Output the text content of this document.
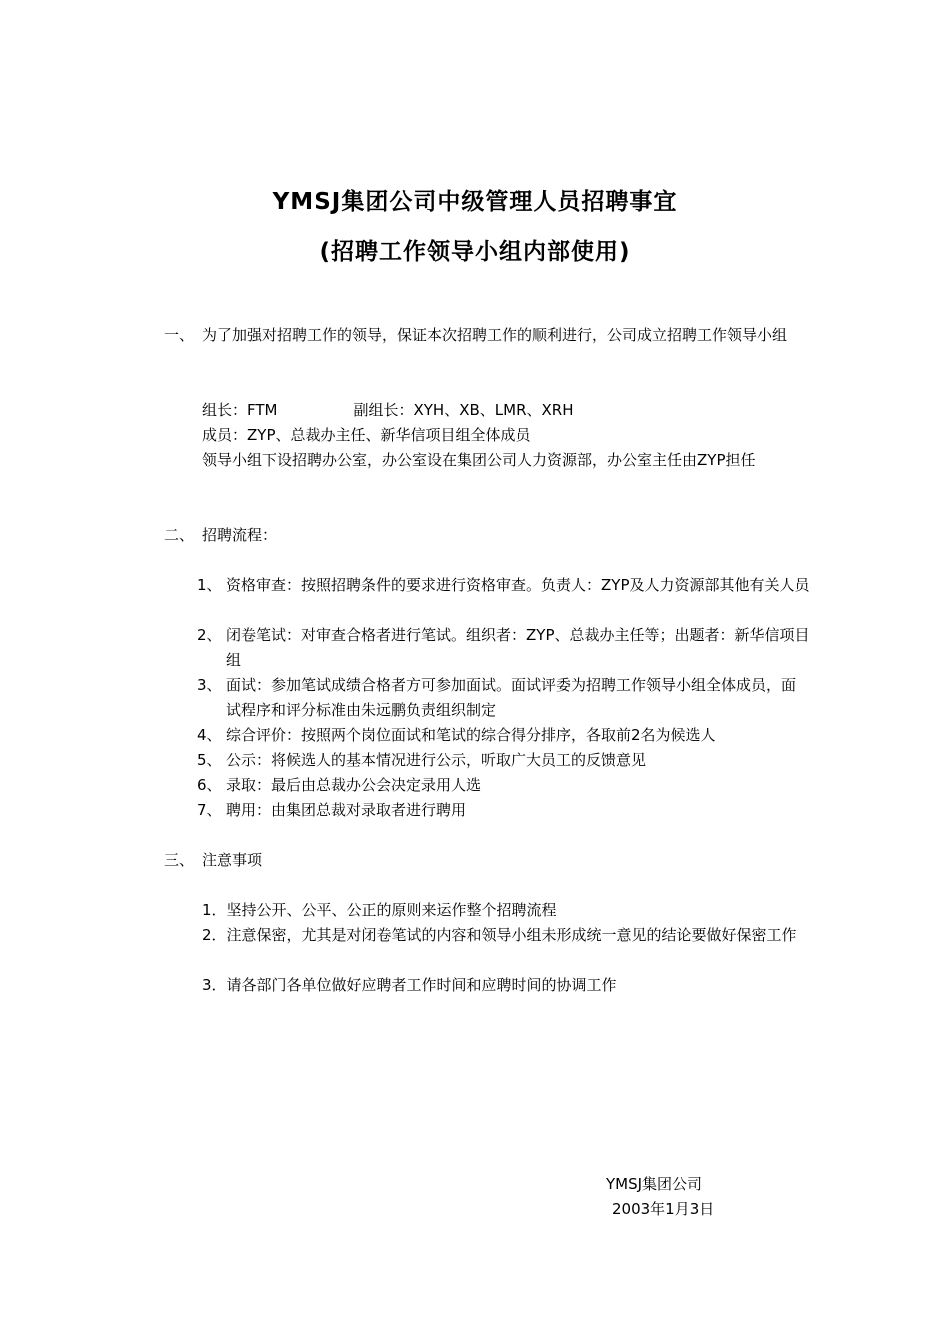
YMSJ集团公司中级管理人员招聘事宜
(招聘工作领导小组内部使用)
一、 为了加强对招聘工作的领导，保证本次招聘工作的顺利进行，公司成立招聘工作领导小组
组长：FTM	副组长：XYH、XB、LMR、XRH
成员：ZYP、总裁办主任、新华信项目组全体成员
领导小组下设招聘办公室，办公室设在集团公司人力资源部，办公室主任由ZYP担任
二、 招聘流程：
1、 资格审查：按照招聘条件的要求进行资格审查。负责人：ZYP及人力资源部其他有关人员
2、 闭卷笔试：对审查合格者进行笔试。组织者：ZYP、总裁办主任等；出题者：新华信项目组
3、 面试：参加笔试成绩合格者方可参加面试。面试评委为招聘工作领导小组全体成员，面试程序和评分标准由朱远鹏负责组织制定
4、 综合评价：按照两个岗位面试和笔试的综合得分排序，各取前2名为候选人
5、 公示：将候选人的基本情况进行公示，听取广大员工的反馈意见
6、 录取：最后由总裁办公会决定录用人选
7、 聘用：由集团总裁对录取者进行聘用
三、 注意事项
1．坚持公开、公平、公正的原则来运作整个招聘流程
2．注意保密，尤其是对闭卷笔试的内容和领导小组未形成统一意见的结论要做好保密工作
3．请各部门各单位做好应聘者工作时间和应聘时间的协调工作
YMSJ集团公司
2003年1月3日
